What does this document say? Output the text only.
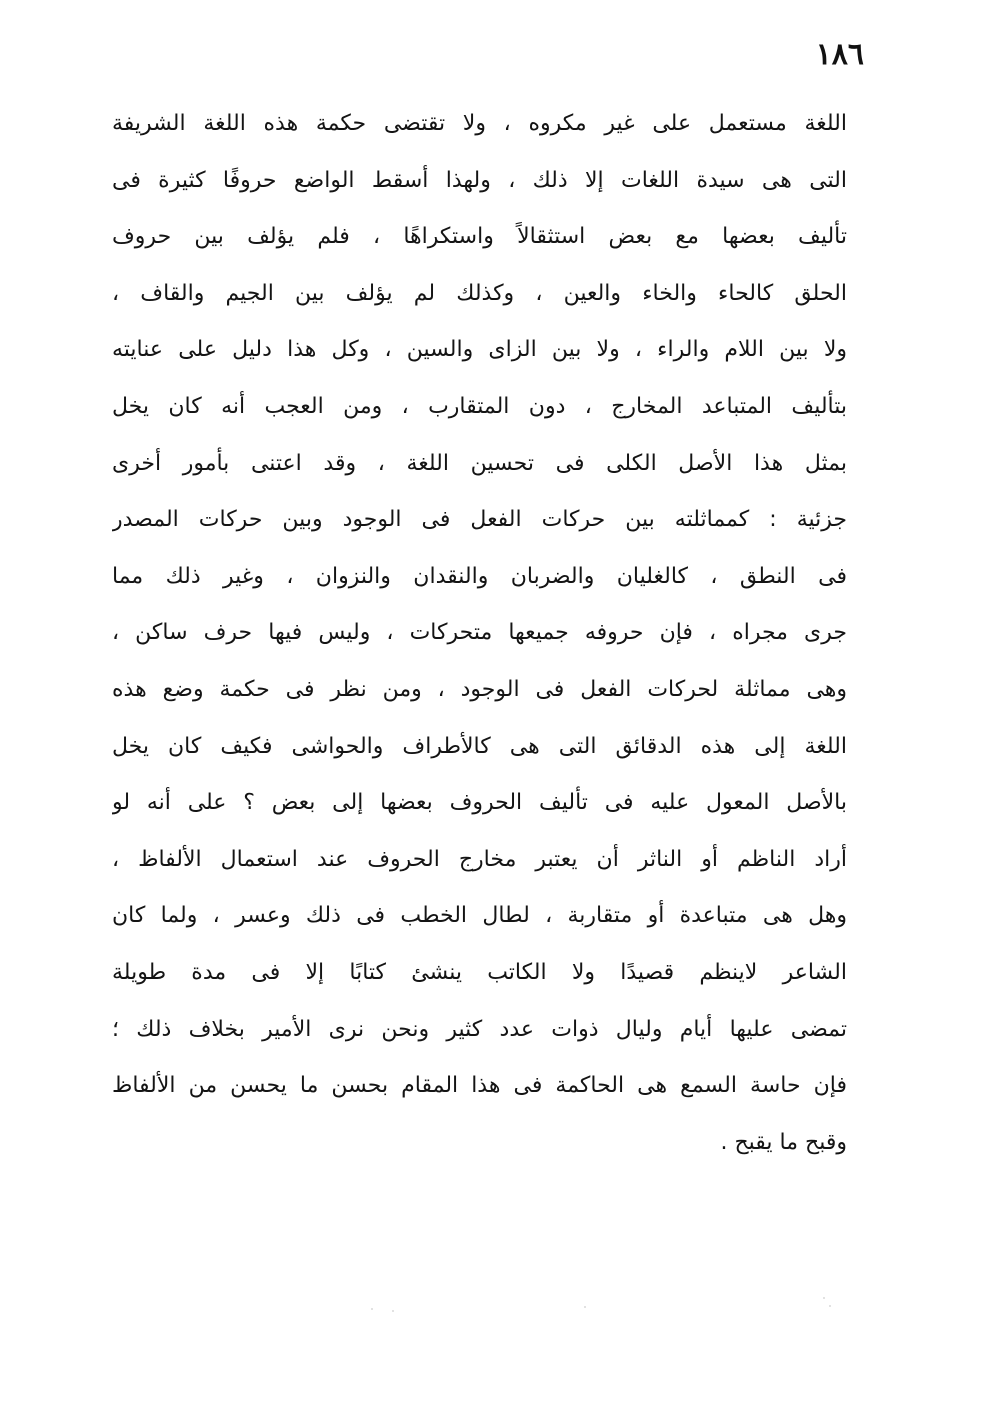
١٨٦
اللغة مستعمل على غير مكروه ، ولا تقتضى حكمة هذه اللغة الشريفة
التى هى سيدة اللغات إلا ذلك ، ولهذا أسقط الواضع حروفًا كثيرة فى
تأليف بعضها مع بعض استثقالاً واستكراهًا ، فلم يؤلف بين حروف
الحلق كالحاء والخاء والعين ، وكذلك لم يؤلف بين الجيم والقاف ،
ولا بين اللام والراء ، ولا بين الزاى والسين ، وكل هذا دليل على عنايته
بتأليف المتباعد المخارج ، دون المتقارب ، ومن العجب أنه كان يخل
بمثل هذا الأصل الكلى فى تحسين اللغة ، وقد اعتنى بأمور أخرى
جزئية : كمماثلته بين حركات الفعل فى الوجود وبين حركات المصدر
فى النطق ، كالغليان والضربان والنقدان والنزوان ، وغير ذلك مما
جرى مجراه ، فإن حروفه جميعها متحركات ، وليس فيها حرف ساكن ،
وهى مماثلة لحركات الفعل فى الوجود ، ومن نظر فى حكمة وضع هذه
اللغة إلى هذه الدقائق التى هى كالأطراف والحواشى فكيف كان يخل
بالأصل المعول عليه فى تأليف الحروف بعضها إلى بعض ؟ على أنه لو
أراد الناظم أو الناثر أن يعتبر مخارج الحروف عند استعمال الألفاظ ،
وهل هى متباعدة أو متقاربة ، لطال الخطب فى ذلك وعسر ، ولما كان
الشاعر لاينظم قصيدًا ولا الكاتب ينشئ كتابًا إلا فى مدة طويلة
تمضى عليها أيام وليال ذوات عدد كثير ونحن نرى الأمير بخلاف ذلك ؛
فإن حاسة السمع هى الحاكمة فى هذا المقام بحسن ما يحسن من الألفاظ
وقبح ما يقبح .
